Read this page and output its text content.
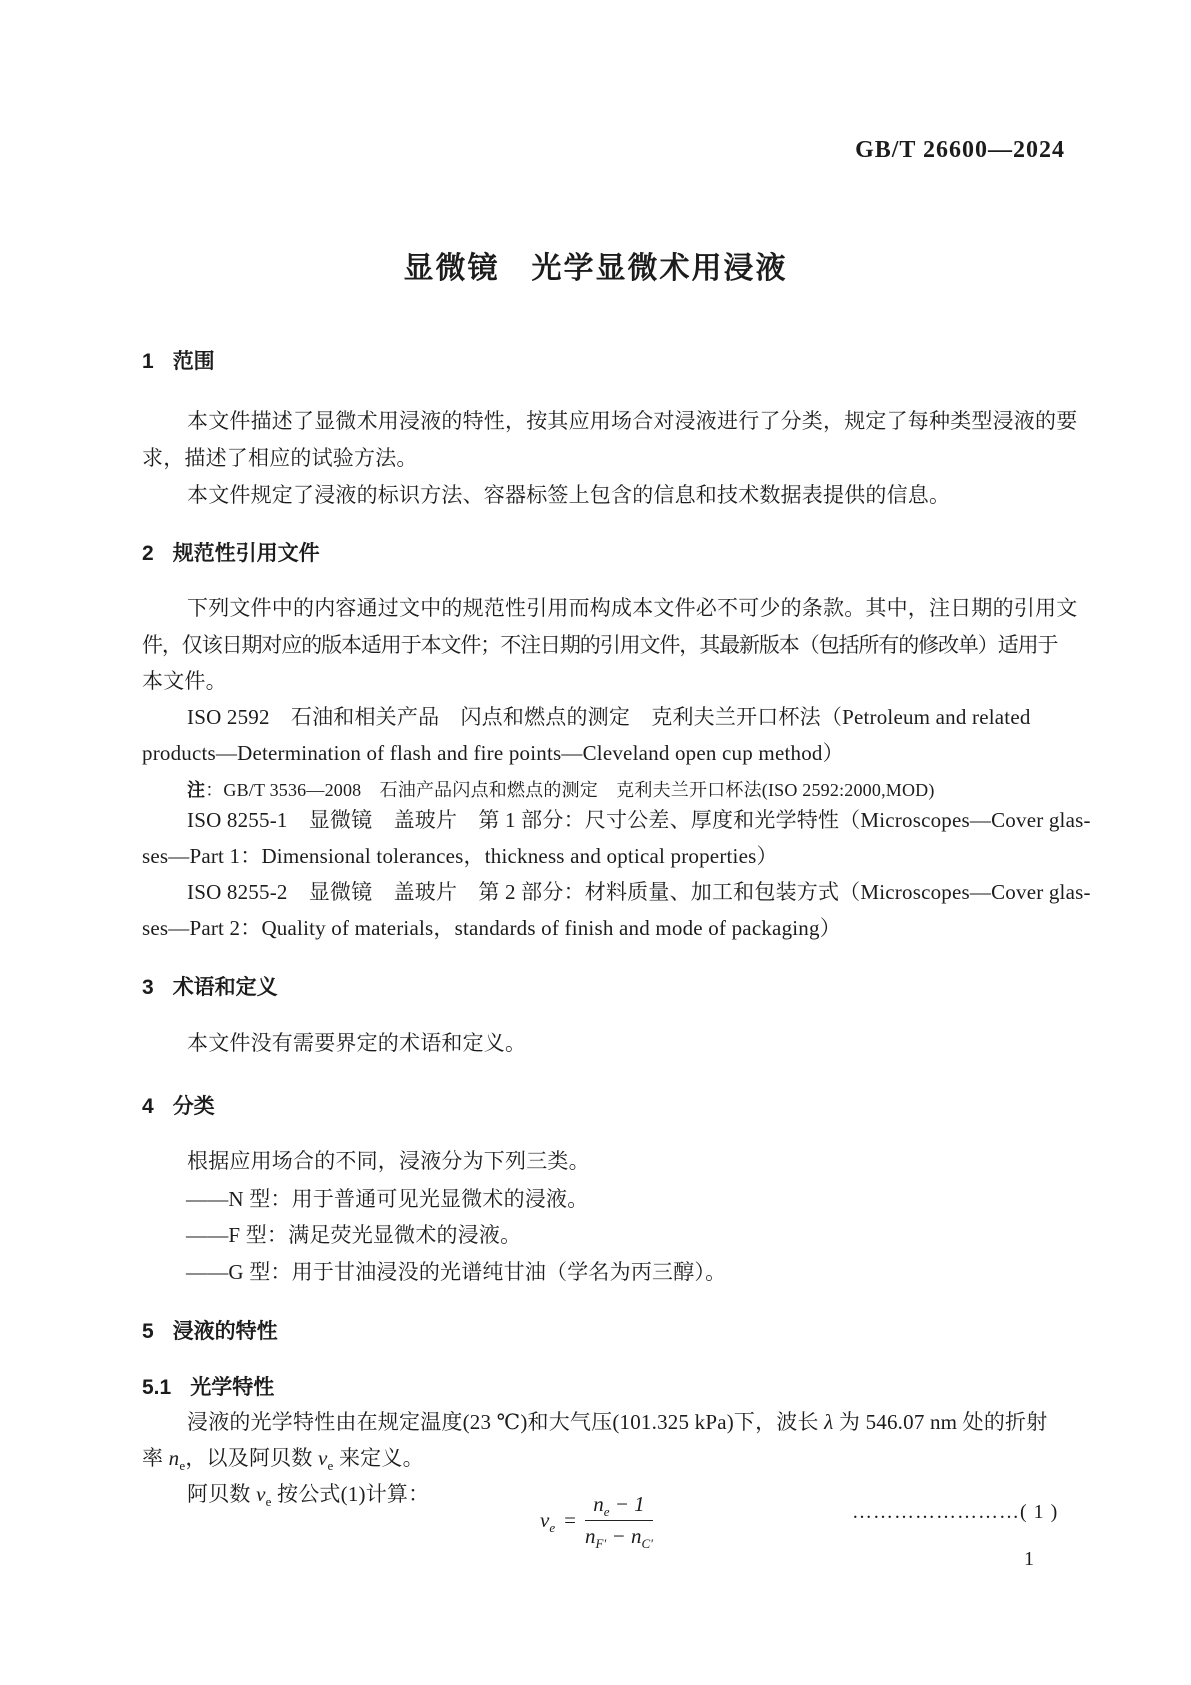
GB/T 26600—2024
显微镜　光学显微术用浸液
1 范围
本文件描述了显微术用浸液的特性，按其应用场合对浸液进行了分类，规定了每种类型浸液的要
求，描述了相应的试验方法。
本文件规定了浸液的标识方法、容器标签上包含的信息和技术数据表提供的信息。
2 规范性引用文件
下列文件中的内容通过文中的规范性引用而构成本文件必不可少的条款。其中，注日期的引用文
件，仅该日期对应的版本适用于本文件；不注日期的引用文件，其最新版本（包括所有的修改单）适用于
本文件。
ISO 2592　石油和相关产品　闪点和燃点的测定　克利夫兰开口杯法（Petroleum and related
products—Determination of flash and fire points—Cleveland open cup method）
注：GB/T 3536—2008　石油产品闪点和燃点的测定　克利夫兰开口杯法(ISO 2592:2000,MOD)
ISO 8255-1　显微镜　盖玻片　第 1 部分：尺寸公差、厚度和光学特性（Microscopes—Cover glas-
ses—Part 1：Dimensional tolerances，thickness and optical properties）
ISO 8255-2　显微镜　盖玻片　第 2 部分：材料质量、加工和包装方式（Microscopes—Cover glas-
ses—Part 2：Quality of materials，standards of finish and mode of packaging）
3 术语和定义
本文件没有需要界定的术语和定义。
4 分类
根据应用场合的不同，浸液分为下列三类。
——N 型：用于普通可见光显微术的浸液。
——F 型：满足荧光显微术的浸液。
——G 型：用于甘油浸没的光谱纯甘油（学名为丙三醇）。
5 浸液的特性
5.1 光学特性
浸液的光学特性由在规定温度(23 ℃)和大气压(101.325 kPa)下，波长 λ 为 546.07 nm 处的折射
率 $n_e$，以及阿贝数 $\nu_e$ 来定义。
阿贝数 $\nu_e$ 按公式(1)计算：
$\nu_e = \frac{n_e - 1}{n_{F'} - n_{C'}}$	……………………( 1 )
1
